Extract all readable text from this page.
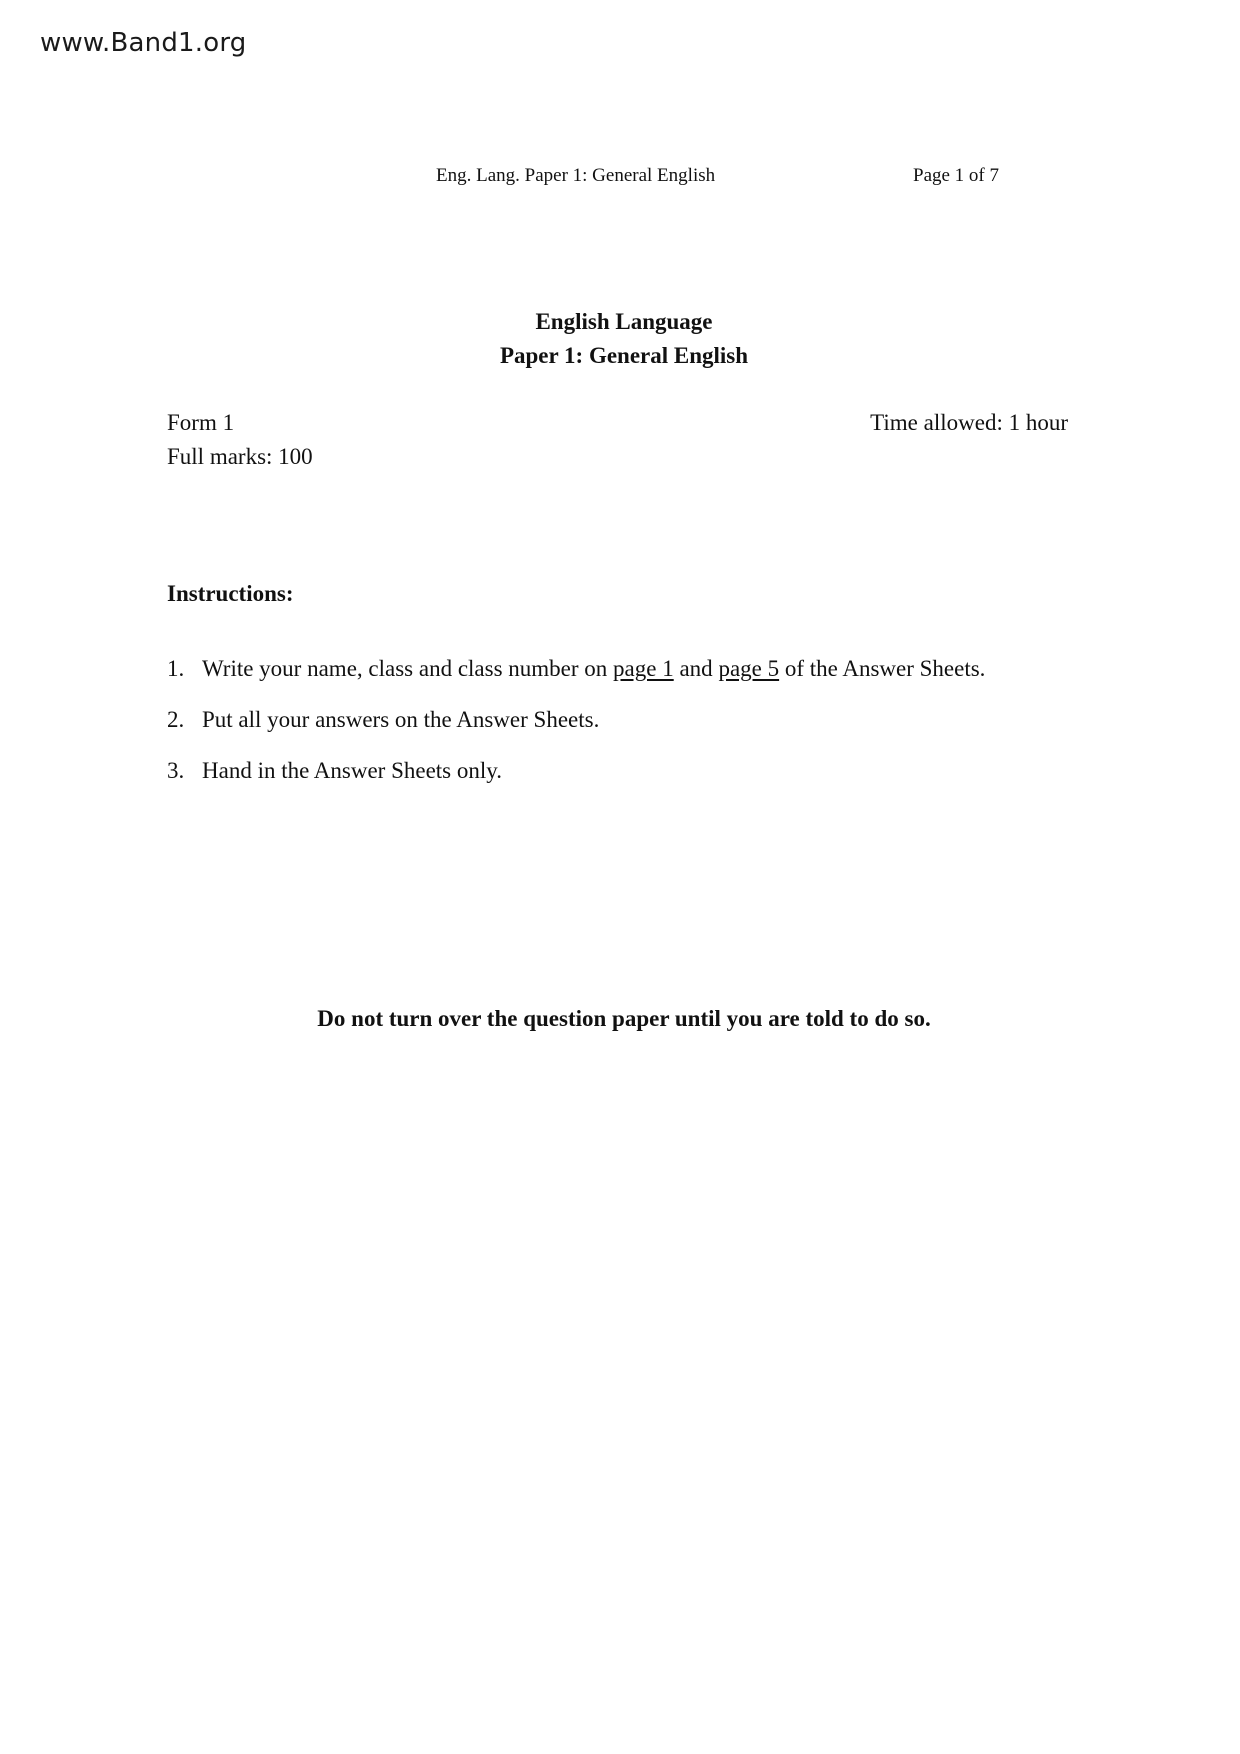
www.Band1.org
Eng. Lang. Paper 1: General English	Page 1 of 7
English Language
Paper 1: General English
Form 1
Full marks: 100
Time allowed: 1 hour
Instructions:
1. Write your name, class and class number on page 1 and page 5 of the Answer Sheets.
2. Put all your answers on the Answer Sheets.
3. Hand in the Answer Sheets only.
Do not turn over the question paper until you are told to do so.
